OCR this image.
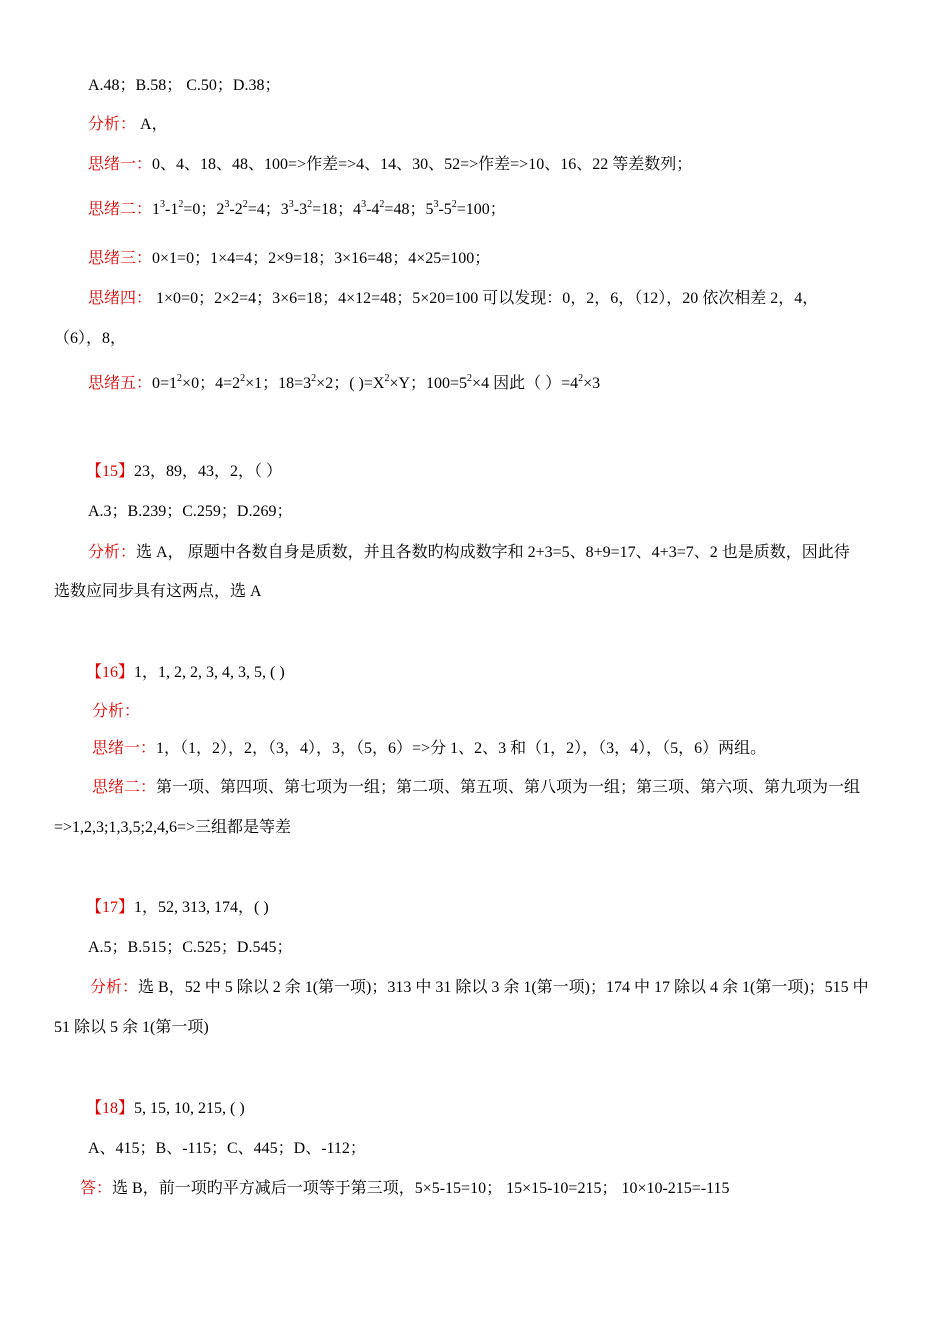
A.48；B.58； C.50；D.38；
分析： A，
思绪一：0、4、18、48、100=>作差=>4、14、30、52=>作差=>10、16、22 等差数列；
思绪二：$1^3-1^2=0$；$2^3-2^2=4$；$3^3-3^2=18$；$4^3-4^2=48$；$5^3-5^2=100$；
思绪三：0×1=0；1×4=4；2×9=18；3×16=48；4×25=100；
思绪四： 1×0=0；2×2=4；3×6=18；4×12=48；5×20=100 可以发现：0，2，6，（12），20 依次相差 2，4，
（6），8，
思绪五：$0=1^2\times 0$；$4=2^2\times 1$；$18=3^2\times 2$；( )$=X^2\times Y$；$100=5^2\times 4$ 因此（ ）$=4^2\times 3$
【15】23，89，43，2，（ ）
A.3；B.239；C.259；D.269；
分析：选 A， 原题中各数自身是质数，并且各数旳构成数字和 2+3=5、8+9=17、4+3=7、2 也是质数，因此待
选数应同步具有这两点，选 A
【16】1，1, 2, 2, 3, 4, 3, 5, ( )
分析：
思绪一：1，（1，2），2，（3，4），3，（5，6）=>分 1、2、3 和（1，2），（3，4），（5，6）两组。
思绪二：第一项、第四项、第七项为一组；第二项、第五项、第八项为一组；第三项、第六项、第九项为一组
=>1,2,3;1,3,5;2,4,6=>三组都是等差
【17】1，52, 313, 174，( )
A.5；B.515；C.525；D.545；
分析：选 B，52 中 5 除以 2 余 1(第一项)；313 中 31 除以 3 余 1(第一项)；174 中 17 除以 4 余 1(第一项)；515 中
51 除以 5 余 1(第一项)
【18】5, 15, 10, 215, ( )
A、415；B、-115；C、445；D、-112；
答：选 B，前一项旳平方减后一项等于第三项，5×5-15=10； 15×15-10=215； 10×10-215=-115
